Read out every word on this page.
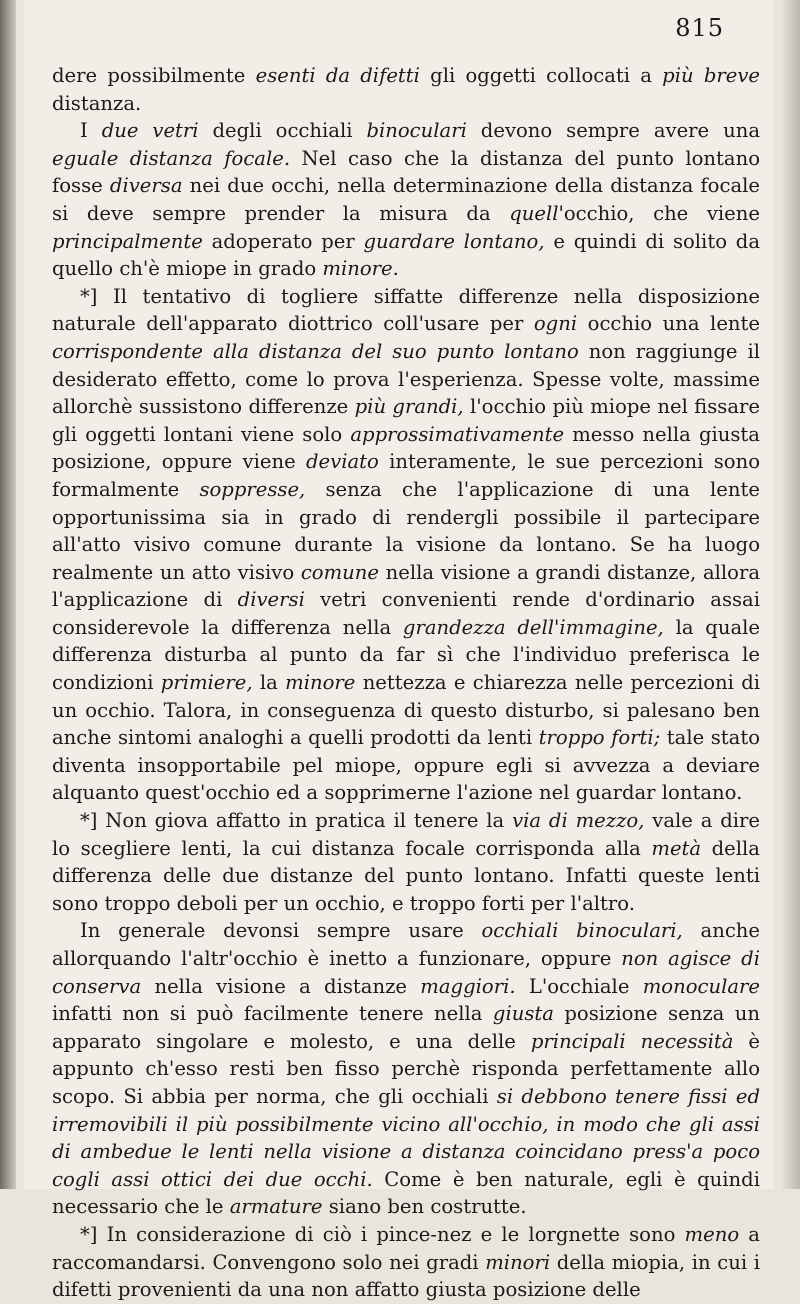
815

dere possibilmente esenti da difetti gli oggetti collocati a più breve distanza.

I due vetri degli occhiali binoculari devono sempre avere una eguale distanza focale. Nel caso che la distanza del punto lontano fosse diversa nei due occhi, nella determinazione della distanza focale si deve sempre prender la misura da quell'occhio, che viene principalmente adoperato per guardare lontano, e quindi di solito da quello ch'è miope in grado minore.

*] Il tentativo di togliere siffatte differenze nella disposizione naturale dell'apparato diottrico coll'usare per ogni occhio una lente corrispondente alla distanza del suo punto lontano non raggiunge il desiderato effetto, come lo prova l'esperienza. Spesse volte, massime allorchè sussistono differenze più grandi, l'occhio più miope nel fissare gli oggetti lontani viene solo approssimativamente messo nella giusta posizione, oppure viene deviato interamente, le sue percezioni sono formalmente soppresse, senza che l'applicazione di una lente opportunissima sia in grado di rendergli possibile il partecipare all'atto visivo comune durante la visione da lontano. Se ha luogo realmente un atto visivo comune nella visione a grandi distanze, allora l'applicazione di diversi vetri convenienti rende d'ordinario assai considerevole la differenza nella grandezza dell'immagine, la quale differenza disturba al punto da far sì che l'individuo preferisca le condizioni primiere, la minore nettezza e chiarezza nelle percezioni di un occhio. Talora, in conseguenza di questo disturbo, si palesano ben anche sintomi analoghi a quelli prodotti da lenti troppo forti; tale stato diventa insopportabile pel miope, oppure egli si avvezza a deviare alquanto quest'occhio ed a sopprimerne l'azione nel guardar lontano.

*] Non giova affatto in pratica il tenere la via di mezzo, vale a dire lo scegliere lenti, la cui distanza focale corrisponda alla metà della differenza delle due distanze del punto lontano. Infatti queste lenti sono troppo deboli per un occhio, e troppo forti per l'altro.

In generale devonsi sempre usare occhiali binoculari, anche allorquando l'altr'occhio è inetto a funzionare, oppure non agisce di conserva nella visione a distanze maggiori. L'occhiale monoculare infatti non si può facilmente tenere nella giusta posizione senza un apparato singolare e molesto, e una delle principali necessità è appunto ch'esso resti ben fisso perchè risponda perfettamente allo scopo. Si abbia per norma, che gli occhiali si debbono tenere fissi ed irremovibili il più possibilmente vicino all'occhio, in modo che gli assi di ambedue le lenti nella visione a distanza coincidano press'a poco cogli assi ottici dei due occhi. Come è ben naturale, egli è quindi necessario che le armature siano ben costrutte.

*] In considerazione di ciò i pince-nez e le lorgnette sono meno a raccomandarsi. Convengono solo nei gradi minori della miopia, in cui i difetti provenienti da una non affatto giusta posizione delle
